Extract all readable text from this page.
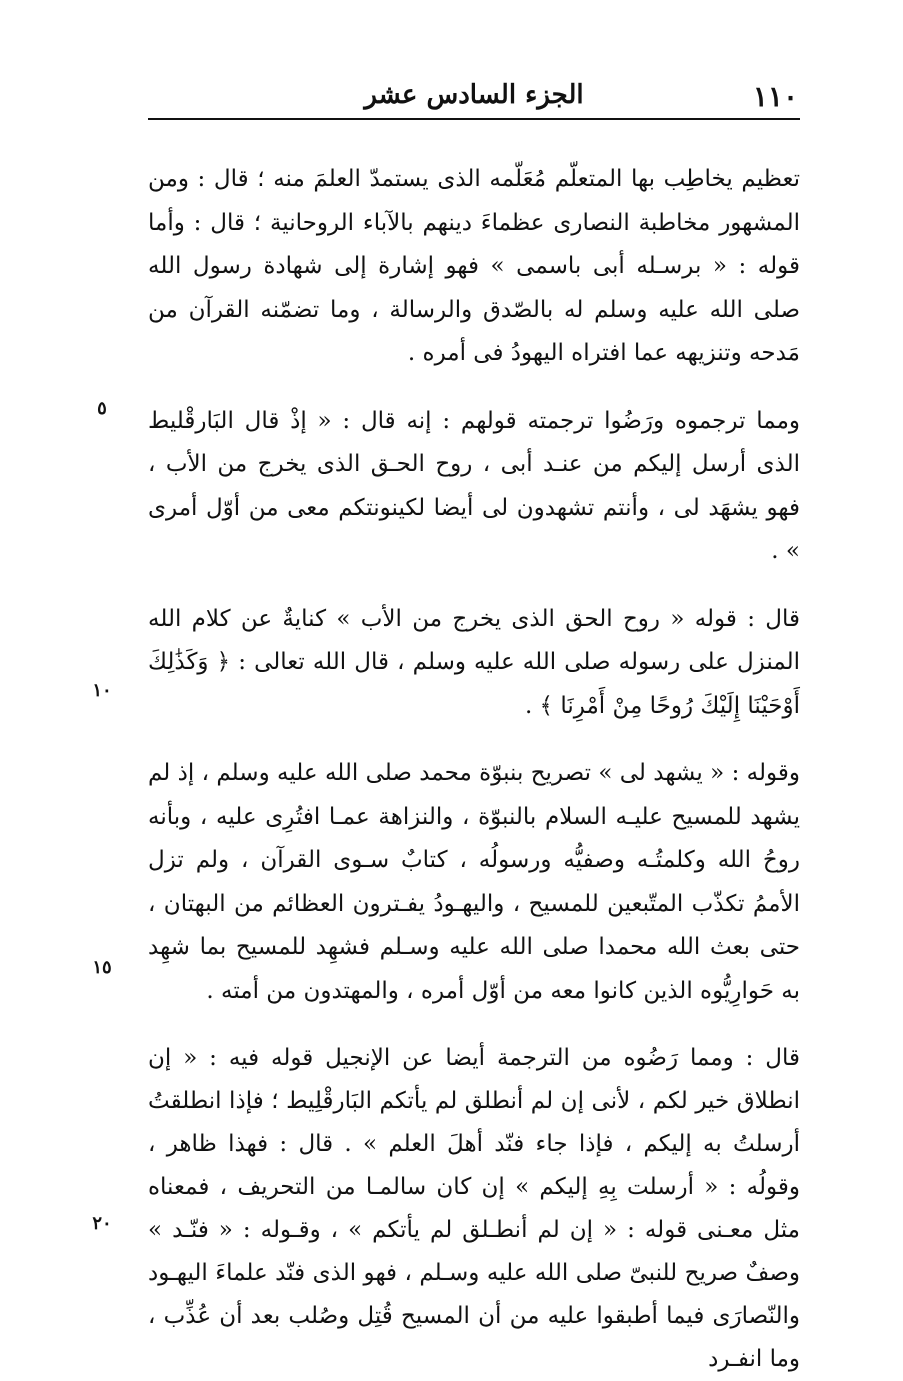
١١٠
الجزء السادس عشر

تعظيم يخاطِب بها المتعلّم مُعَلّمه الذى يستمدّ العلمَ منه ؛ قال : ومن المشهور مخاطبة النصارى عظماءَ دينهم بالآباء الروحانية ؛ قال : وأما قوله : « برسـله أبى باسمى » فهو إشارة إلى شهادة رسول الله صلى الله عليه وسلم له بالصّدق والرسالة ، وما تضمّنه القرآن من مَدحه وتنزيهه عما افتراه اليهودُ فى أمره .

ومما ترجموه ورَضُوا ترجمته قولهم : إنه قال : « إذْ قال البَارقْليط الذى أرسل إليكم من عنـد أبى ، روح الحـق الذى يخرج من الأب ، فهو يشهَد لى ، وأنتم تشهدون لى أيضا لكينونتكم معى من أوّل أمرى » .

قال : قوله « روح الحق الذى يخرج من الأب » كنايةٌ عن كلام الله المنزل على رسوله صلى الله عليه وسلم ، قال الله تعالى : ﴿ وَكَذَٰلِكَ أَوْحَيْنَا إِلَيْكَ رُوحًا مِنْ أَمْرِنَا ﴾ .

وقوله : « يشهد لى » تصريح بنبوّة محمد صلى الله عليه وسلم ، إذ لم يشهد للمسيح عليـه السلام بالنبوّة ، والنزاهة عمـا افتُرِى عليه ، وبأنه روحُ الله وكلمتُـه وصفيُّه ورسولُه ، كتابٌ سـوى القرآن ، ولم تزل الأممُ تكذّب المتّبعين للمسيح ، واليهـودُ يفـترون العظائم من البهتان ، حتى بعث الله محمدا صلى الله عليه وسـلم فشهِد للمسيح بما شهِد به حَوارِيُّوه الذين كانوا معه من أوّل أمره ، والمهتدون من أمته .

قال : ومما رَضُوه من الترجمة أيضا عن الإنجيل قوله فيه : « إن انطلاق خير لكم ، لأنى إن لم أنطلق لم يأتكم البَارقْلِيط ؛ فإذا انطلقتُ أرسلتُ به إليكم ، فإذا جاء فنّد أهلَ العلم » . قال : فهذا ظاهر ، وقولُه : « أرسلت بِهِ إليكم » إن كان سالمـا من التحريف ، فمعناه مثل معـنى قوله : « إن لم أنطـلق لم يأتكم » ، وقـوله : « فنّـد » وصفٌ صريح للنبىّ صلى الله عليه وسـلم ، فهو الذى فنّد علماءَ اليهـود والنّصارَى فيما أطبقوا عليه من أن المسيح قُتِل وصُلب بعد أن عُذِّب ، وما انفـرد

٥
١٠
١٥
٢٠
